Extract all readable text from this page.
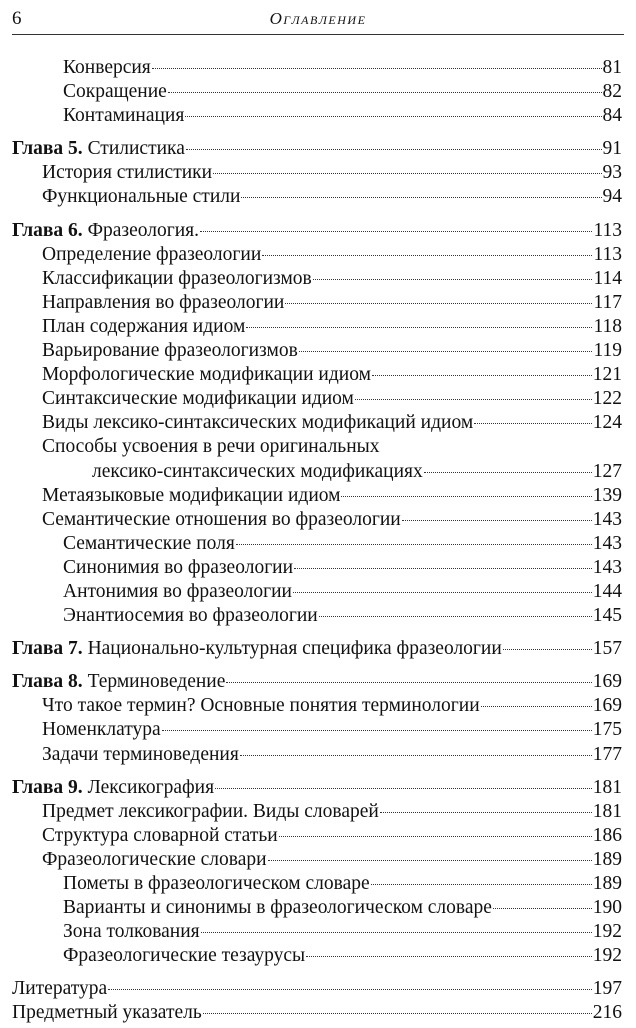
6	Оглавление
Конверсия	81
Сокращение	82
Контаминация	84
Глава 5. Стилистика	91
История стилистики	93
Функциональные стили	94
Глава 6. Фразеология.	113
Определение фразеологии	113
Классификации фразеологизмов	114
Направления во фразеологии	117
План содержания идиом	118
Варьирование фразеологизмов	119
Морфологические модификации идиом	121
Синтаксические модификации идиом	122
Виды лексико-синтаксических модификаций идиом	124
Способы усвоения в речи оригинальных
лексико-синтаксических модификациях	127
Метаязыковые модификации идиом	139
Семантические отношения во фразеологии	143
Семантические поля	143
Синонимия во фразеологии	143
Антонимия во фразеологии	144
Энантиосемия во фразеологии	145
Глава 7. Национально-культурная специфика фразеологии	157
Глава 8. Терминоведение	169
Что такое термин? Основные понятия терминологии	169
Номенклатура	175
Задачи терминоведения	177
Глава 9. Лексикография	181
Предмет лексикографии. Виды словарей	181
Структура словарной статьи	186
Фразеологические словари	189
Пометы в фразеологическом словаре	189
Варианты и синонимы в фразеологическом словаре	190
Зона толкования	192
Фразеологические тезаурусы	192
Литература	197
Предметный указатель	216
